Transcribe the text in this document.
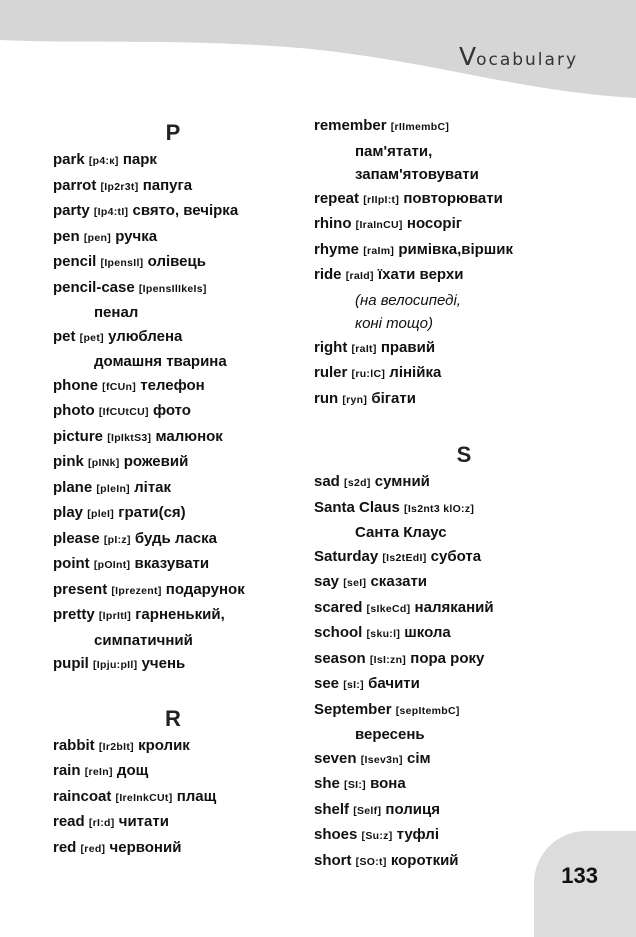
Vocabulary
P
park [p4:к] парк
parrot [Ιp2r3t] папуга
party [Ιp4:tI] свято, вечірка
pen [pen] ручка
pencil [ΙpensIl] олівець
pencil-case [ΙpensIlΙkeIs]
пенал
pet [pet] улюблена
домашня тварина
phone [fCUn] телефон
photo [ΙfCUtCU] фото
picture [ΙpIktS3] малюнок
pink [pINk] рожевий
plane [pleIn] літак
play [pleI] грати(ся)
please [pI:z] будь ласка
point [pOInt] вказувати
present [Ιprezent] подарунок
pretty [ΙprItI] гарненький,
симпатичний
pupil [Ιpju:pIl] учень
R
rabbit [Ιr2bIt] кролик
rain [reIn] дощ
raincoat [ΙreInkCUt] плащ
read [rI:d] читати
red [red] червоний
remember [rIΙmembC]
пам'ятати,
запам'ятовувати
repeat [rIΙpI:t] повторювати
rhino [ΙraInCU] носоріг
rhyme [raIm] римівка,віршик
ride [raId] їхати верхи
(на велосипеді,
коні тощо)
right [raIt] правий
ruler [ru:lC] лінійка
run [ryn] бігати
S
sad [s2d] сумний
Santa Claus [Ιs2nt3 klO:z]
Санта Клаус
Saturday [Ιs2tEdI] субота
say [seI] сказати
scared [sΙkeCd] наляканий
school [sku:l] школа
season [ΙsI:zn] пора року
see [sI:] бачити
September [sepΙtembC]
вересень
seven [Ιsev3n] сім
she [SI:] вона
shelf [Self] полиця
shoes [Su:z] туфлі
short [SO:t] короткий
133
